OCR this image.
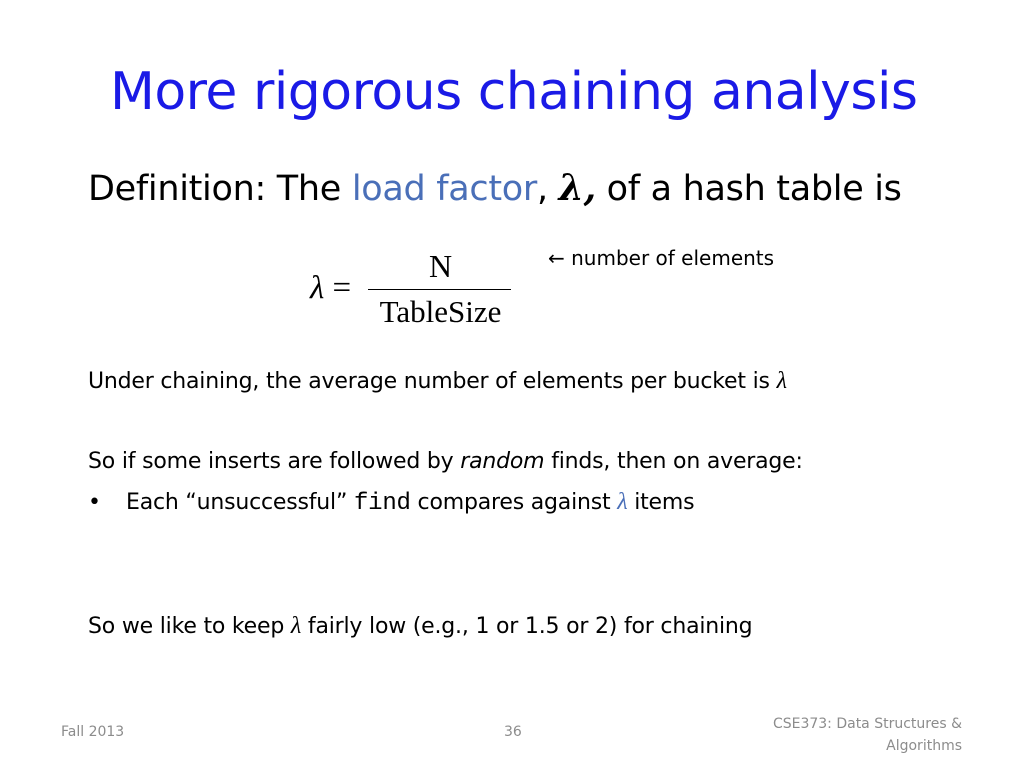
More rigorous chaining analysis
Definition: The load factor, λ, of a hash table is
λ =
N
TableSize
← number of elements
Under chaining, the average number of elements per bucket is λ
So if some inserts are followed by random finds, then on average:
• Each “unsuccessful” find compares against λ items
So we like to keep λ fairly low (e.g., 1 or 1.5 or 2) for chaining
Fall 2013	36	CSE373: Data Structures &
Algorithms
